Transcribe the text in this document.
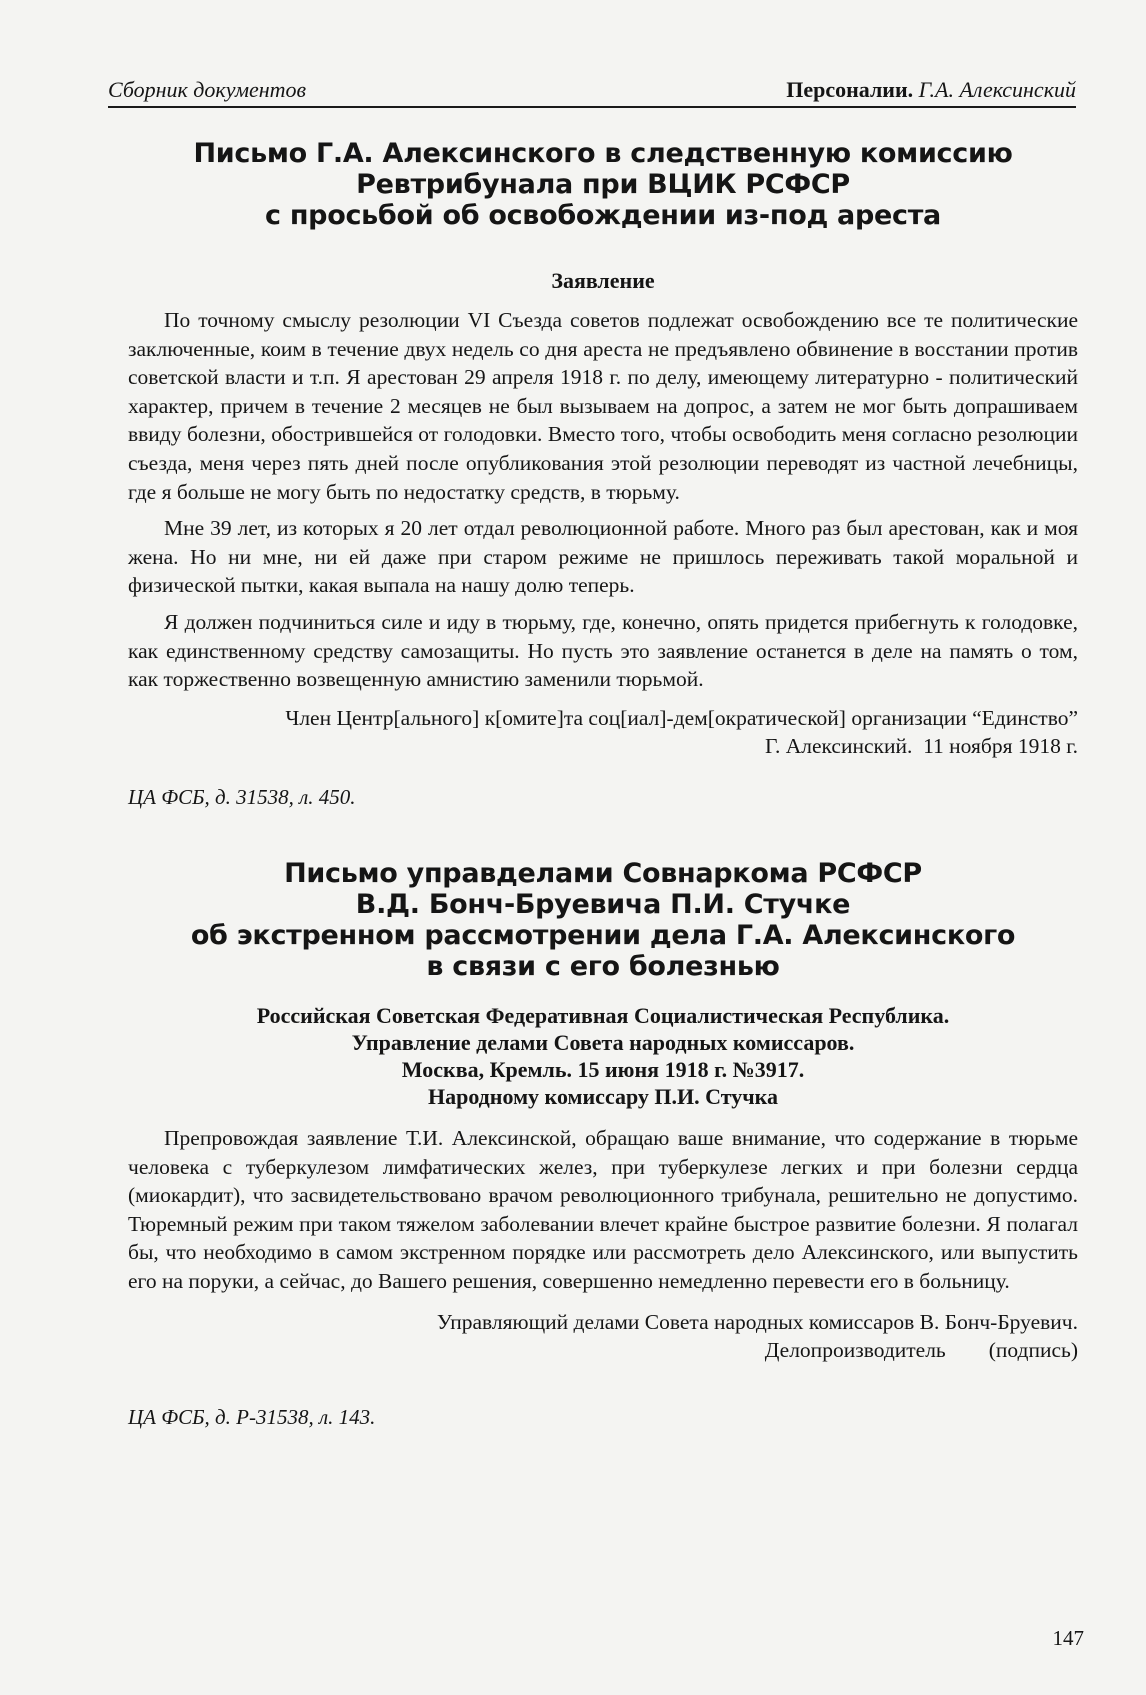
Сборник документов	Персоналии. Г.А. Алексинский
Письмо Г.А. Алексинского в следственную комиссию
Ревтрибунала при ВЦИК РСФСР
с просьбой об освобождении из-под ареста
Заявление

По точному смыслу резолюции VI Съезда советов подлежат освобождению все те политические заключенные, коим в течение двух недель со дня ареста не предъявлено обвинение в восстании против советской власти и т.п. Я арестован 29 апреля 1918 г. по делу, имеющему литературно - политический характер, причем в течение 2 месяцев не был вызываем на допрос, а затем не мог быть допрашиваем ввиду болезни, обострившейся от голодовки. Вместо того, чтобы освободить меня согласно резолюции съезда, меня через пять дней после опубликования этой резолюции переводят из частной лечебницы, где я больше не могу быть по недостатку средств, в тюрьму.

Мне 39 лет, из которых я 20 лет отдал революционной работе. Много раз был арестован, как и моя жена. Но ни мне, ни ей даже при старом режиме не пришлось переживать такой моральной и физической пытки, какая выпала на нашу долю теперь.

Я должен подчиниться силе и иду в тюрьму, где, конечно, опять придется прибегнуть к голодовке, как единственному средству самозащиты. Но пусть это заявление останется в деле на память о том, как торжественно возвещенную амнистию заменили тюрьмой.

Член Центр[ального] к[омите]та соц[иал]-дем[ократической] организации “Единство”
Г. Алексинский.  11 ноября 1918 г.
ЦА ФСБ, д. 31538, л. 450.
Письмо управделами Совнаркома РСФСР
В.Д. Бонч-Бруевича П.И. Стучке
об экстренном рассмотрении дела Г.А. Алексинского
в связи с его болезнью
Российская Советская Федеративная Социалистическая Республика.
Управление делами Совета народных комиссаров.
Москва, Кремль. 15 июня 1918 г. №3917.
Народному комиссару П.И. Стучка

Препровождая заявление Т.И. Алексинской, обращаю ваше внимание, что содержание в тюрьме человека с туберкулезом лимфатических желез, при туберкулезе легких и при болезни сердца (миокардит), что засвидетельствовано врачом революционного трибунала, решительно не допустимо. Тюремный режим при таком тяжелом заболевании влечет крайне быстрое развитие болезни. Я полагал бы, что необходимо в самом экстренном порядке или рассмотреть дело Алексинского, или выпустить его на поруки, а сейчас, до Вашего решения, совершенно немедленно перевести его в больницу.

Управляющий делами Совета народных комиссаров В. Бонч-Бруевич.
Делопроизводитель        (подпись)
ЦА ФСБ, д. Р-31538, л. 143.
147
